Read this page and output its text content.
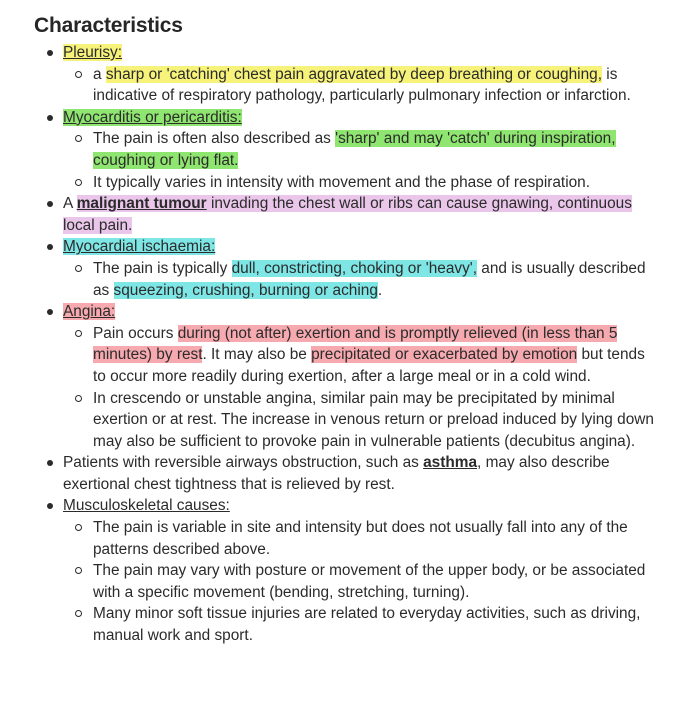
Characteristics
Pleurisy:
a sharp or 'catching' chest pain aggravated by deep breathing or coughing, is indicative of respiratory pathology, particularly pulmonary infection or infarction.
Myocarditis or pericarditis:
The pain is often also described as 'sharp' and may 'catch' during inspiration, coughing or lying flat.
It typically varies in intensity with movement and the phase of respiration.
A malignant tumour invading the chest wall or ribs can cause gnawing, continuous local pain.
Myocardial ischaemia:
The pain is typically dull, constricting, choking or 'heavy', and is usually described as squeezing, crushing, burning or aching.
Angina:
Pain occurs during (not after) exertion and is promptly relieved (in less than 5 minutes) by rest. It may also be precipitated or exacerbated by emotion but tends to occur more readily during exertion, after a large meal or in a cold wind.
In crescendo or unstable angina, similar pain may be precipitated by minimal exertion or at rest. The increase in venous return or preload induced by lying down may also be sufficient to provoke pain in vulnerable patients (decubitus angina).
Patients with reversible airways obstruction, such as asthma, may also describe exertional chest tightness that is relieved by rest.
Musculoskeletal causes:
The pain is variable in site and intensity but does not usually fall into any of the patterns described above.
The pain may vary with posture or movement of the upper body, or be associated with a specific movement (bending, stretching, turning).
Many minor soft tissue injuries are related to everyday activities, such as driving, manual work and sport.
